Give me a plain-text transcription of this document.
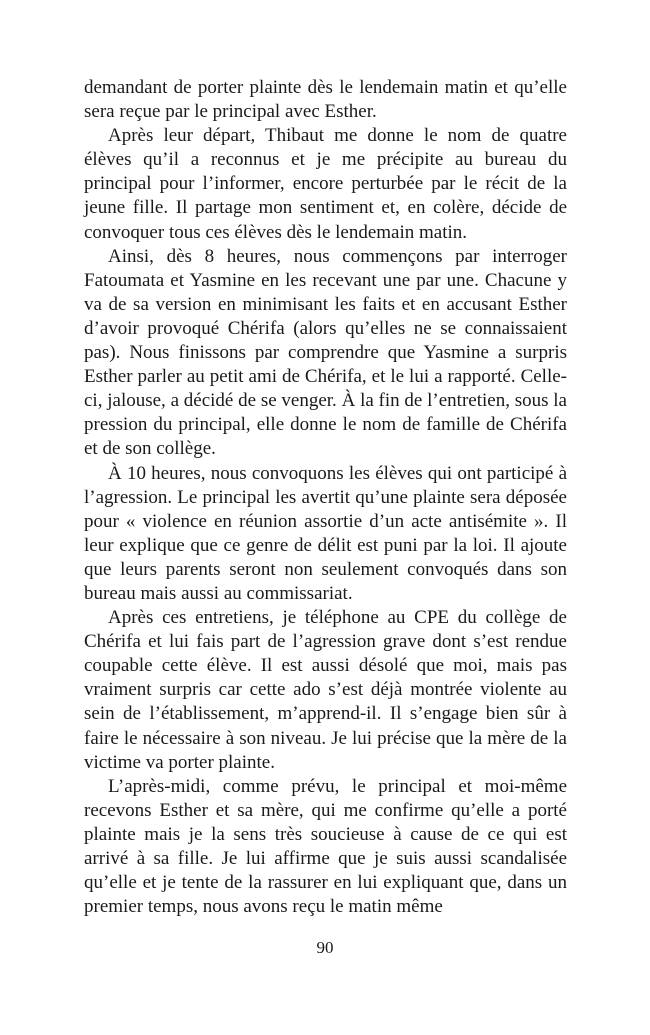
demandant de porter plainte dès le lendemain matin et qu’elle sera reçue par le principal avec Esther.

Après leur départ, Thibaut me donne le nom de quatre élèves qu’il a reconnus et je me précipite au bureau du principal pour l’informer, encore perturbée par le récit de la jeune fille. Il partage mon sentiment et, en colère, décide de convoquer tous ces élèves dès le lendemain matin.

Ainsi, dès 8 heures, nous commençons par interroger Fatoumata et Yasmine en les recevant une par une. Chacune y va de sa version en minimisant les faits et en accusant Esther d’avoir provoqué Chérifa (alors qu’elles ne se connaissaient pas). Nous finissons par comprendre que Yasmine a surpris Esther parler au petit ami de Chérifa, et le lui a rapporté. Celle-ci, jalouse, a décidé de se venger. À la fin de l’entretien, sous la pression du principal, elle donne le nom de famille de Chérifa et de son collège.

À 10 heures, nous convoquons les élèves qui ont participé à l’agression. Le principal les avertit qu’une plainte sera déposée pour « violence en réunion assortie d’un acte antisémite ». Il leur explique que ce genre de délit est puni par la loi. Il ajoute que leurs parents seront non seulement convoqués dans son bureau mais aussi au commissariat.

Après ces entretiens, je téléphone au CPE du collège de Chérifa et lui fais part de l’agression grave dont s’est rendue coupable cette élève. Il est aussi désolé que moi, mais pas vraiment surpris car cette ado s’est déjà montrée violente au sein de l’établissement, m’apprend-il. Il s’engage bien sûr à faire le nécessaire à son niveau. Je lui précise que la mère de la victime va porter plainte.

L’après-midi, comme prévu, le principal et moi-même recevons Esther et sa mère, qui me confirme qu’elle a porté plainte mais je la sens très soucieuse à cause de ce qui est arrivé à sa fille. Je lui affirme que je suis aussi scandalisée qu’elle et je tente de la rassurer en lui expliquant que, dans un premier temps, nous avons reçu le matin même

90
